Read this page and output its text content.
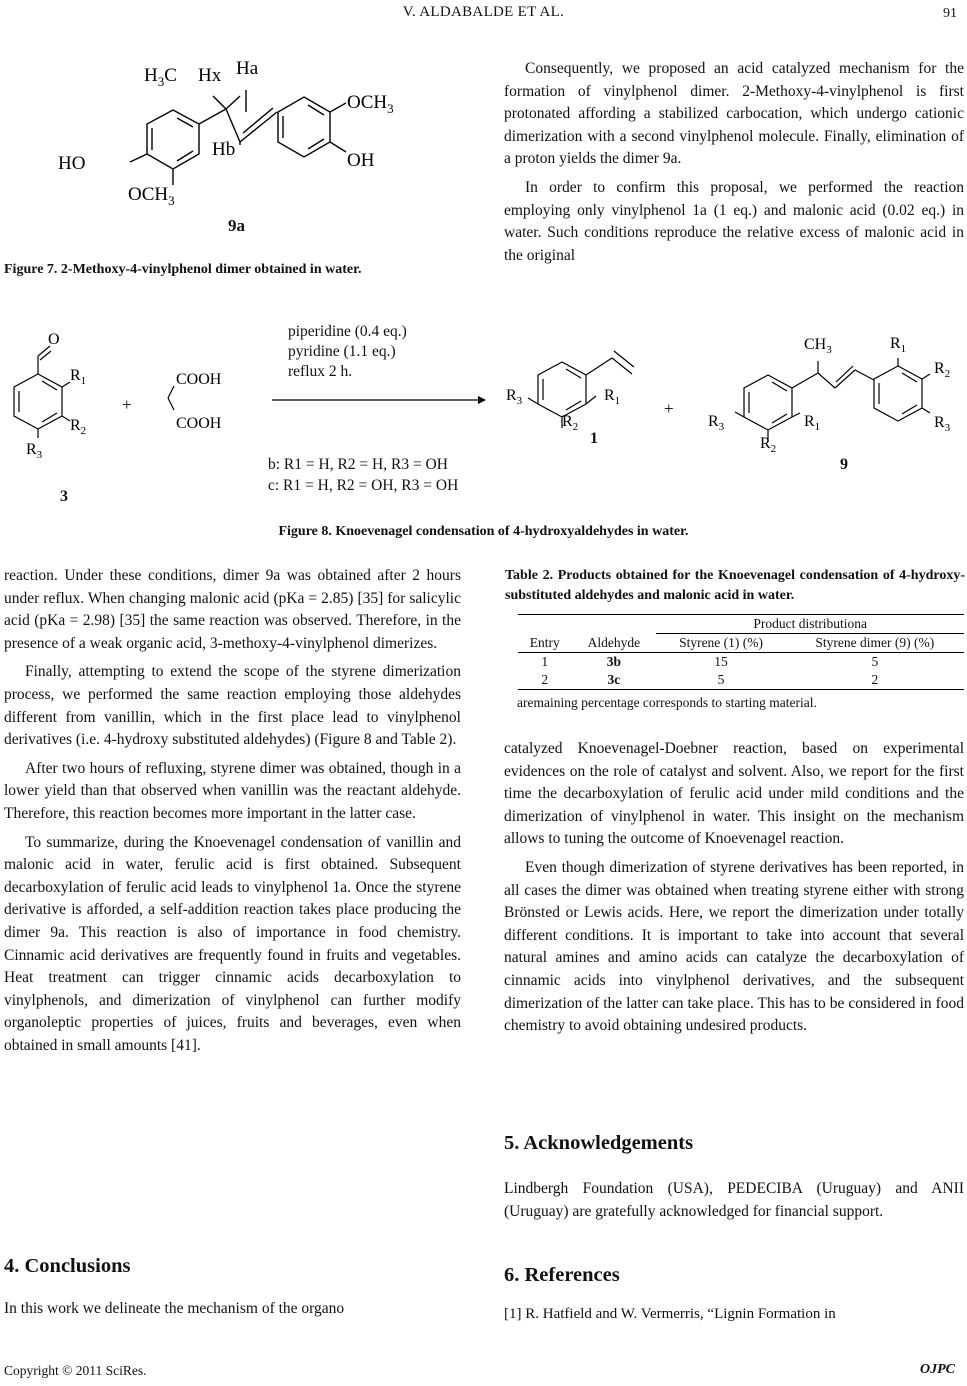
V. ALDABALDE ET AL.	91
$H_3C$ Hx Ha
Hb
$OCH_3$
OH
HO
$OCH_3$
9a
Figure 7. 2-Methoxy-4-vinylphenol dimer obtained in water.

Consequently, we proposed an acid catalyzed mechanism for the formation of vinylphenol dimer. 2-Methoxy-4-vinylphenol is first protonated affording a stabilized carbocation, which undergo cationic dimerization with a second vinylphenol molecule. Finally, elimination of a proton yields the dimer 9a.

In order to confirm this proposal, we performed the reaction employing only vinylphenol 1a (1 eq.) and malonic acid (0.02 eq.) in water. Such conditions reproduce the relative excess of malonic acid in the original

O
$R_1$
$R_2$
$R_3$
+
COOH
COOH
$R_3$	$R_1$
$R_2$
+
$CH_3$	$R_1$
$R_2$
$R_3$
$R_3$	$R_1$
$R_2$
piperidine (0.4 eq.)
pyridine (1.1 eq.)
reflux 2 h.
b: R1 = H, R2 = H, R3 = OH
c: R1 = H, R2 = OH, R3 = OH
3
1
9
Figure 8. Knoevenagel condensation of 4-hydroxyaldehydes in water.

reaction. Under these conditions, dimer 9a was obtained after 2 hours under reflux. When changing malonic acid (pKa = 2.85) [35] for salicylic acid (pKa = 2.98) [35] the same reaction was observed. Therefore, in the presence of a weak organic acid, 3-methoxy-4-vinylphenol dimerizes.

Finally, attempting to extend the scope of the styrene dimerization process, we performed the same reaction employing those aldehydes different from vanillin, which in the first place lead to vinylphenol derivatives (i.e. 4-hydroxy substituted aldehydes) (Figure 8 and Table 2).

After two hours of refluxing, styrene dimer was obtained, though in a lower yield than that observed when vanillin was the reactant aldehyde. Therefore, this reaction becomes more important in the latter case.

To summarize, during the Knoevenagel condensation of vanillin and malonic acid in water, ferulic acid is first obtained. Subsequent decarboxylation of ferulic acid leads to vinylphenol 1a. Once the styrene derivative is afforded, a self-addition reaction takes place producing the dimer 9a. This reaction is also of importance in food chemistry. Cinnamic acid derivatives are frequently found in fruits and vegetables. Heat treatment can trigger cinnamic acids decarboxylation to vinylphenols, and dimerization of vinylphenol can further modify organoleptic properties of juices, fruits and beverages, even when obtained in small amounts [41].

4. Conclusions

In this work we delineate the mechanism of the organo

Table 2. Products obtained for the Knoevenagel condensation of 4-hydroxy-substituted aldehydes and malonic acid in water.
		Product distributiona	
Entry	Aldehyde	Styrene (1) (%)	Styrene dimer (9) (%)
1	3b	15	5
2	3c	5	2
aremaining percentage corresponds to starting material.

catalyzed Knoevenagel-Doebner reaction, based on experimental evidences on the role of catalyst and solvent. Also, we report for the first time the decarboxylation of ferulic acid under mild conditions and the dimerization of vinylphenol in water. This insight on the mechanism allows to tuning the outcome of Knoevenagel reaction.

Even though dimerization of styrene derivatives has been reported, in all cases the dimer was obtained when treating styrene either with strong Brönsted or Lewis acids. Here, we report the dimerization under totally different conditions. It is important to take into account that several natural amines and amino acids can catalyze the decarboxylation of cinnamic acids into vinylphenol derivatives, and the subsequent dimerization of the latter can take place. This has to be considered in food chemistry to avoid obtaining undesired products.

5. Acknowledgements

Lindbergh Foundation (USA), PEDECIBA (Uruguay) and ANII (Uruguay) are gratefully acknowledged for financial support.

6. References

[1] R. Hatfield and W. Vermerris, “Lignin Formation in

Copyright © 2011 SciRes.	OJPC
